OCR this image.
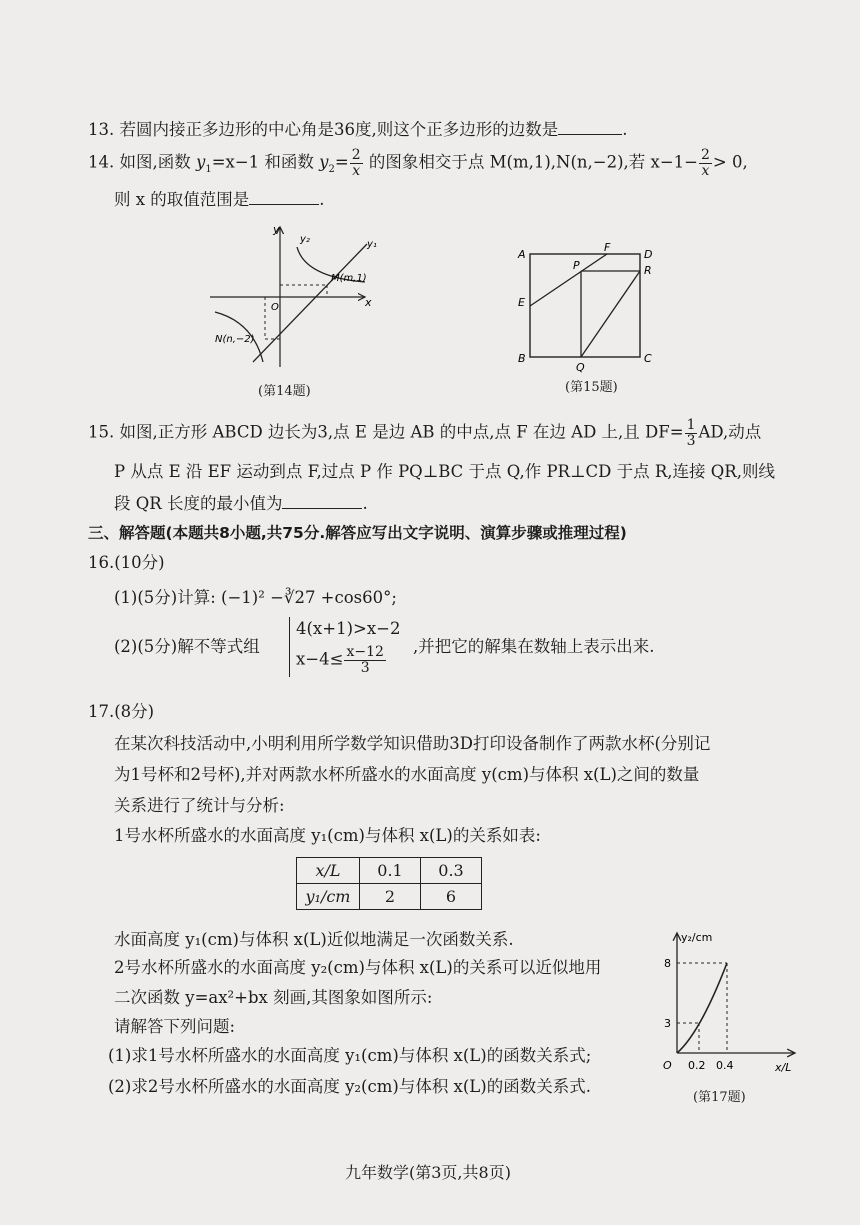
13. 若圆内接正多边形的中心角是36度,则这个正多边形的边数是	.
14. 如图,函数 $y_1=x-1$ 和函数 $y_2= \frac{2}{x}$ 的图象相交于点 M(m,1),N(n,−2),若 $x-1- \frac{2}{x} > 0$,
则 x 的取值范围是	.
y
x
y₁
y₂
O
M(m,1)
N(n,−2)
(第14题)
A
B	C
D
E
F
P
Q
R
(第15题)
15. 如图,正方形 ABCD 边长为3,点 E 是边 AB 的中点,点 F 在边 AD 上,且 $DF= \frac{1}{3}$ AD,动点
P 从点 E 沿 EF 运动到点 F,过点 P 作 PQ⊥BC 于点 Q,作 PR⊥CD 于点 R,连接 QR,则线
段 QR 长度的最小值为	.
三、解答题(本题共8小题,共75分.解答应写出文字说明、演算步骤或推理过程)
16.(10分)
(1)(5分)计算: (−1)² −∛27 +cos60°;
(2)(5分)解不等式组
4(x+1)>x−2
$x-4\le \frac{x-12}{3}$ ,并把它的解集在数轴上表示出来.
17.(8分)
在某次科技活动中,小明利用所学数学知识借助3D打印设备制作了两款水杯(分别记
为1号杯和2号杯),并对两款水杯所盛水的水面高度 y(cm)与体积 x(L)之间的数量
关系进行了统计与分析:
1号水杯所盛水的水面高度 y₁(cm)与体积 x(L)的关系如表:
x/L	0.1	0.3
y₁/cm	2	6
水面高度 y₁(cm)与体积 x(L)近似地满足一次函数关系.
2号水杯所盛水的水面高度 y₂(cm)与体积 x(L)的关系可以近似地用
二次函数 y=ax²+bx 刻画,其图象如图所示:
请解答下列问题:
(1)求1号水杯所盛水的水面高度 y₁(cm)与体积 x(L)的函数关系式;
(2)求2号水杯所盛水的水面高度 y₂(cm)与体积 x(L)的函数关系式.
y₂/cm
x/L
O
3
8
0.2 0.4
(第17题)
九年数学(第3页,共8页)
